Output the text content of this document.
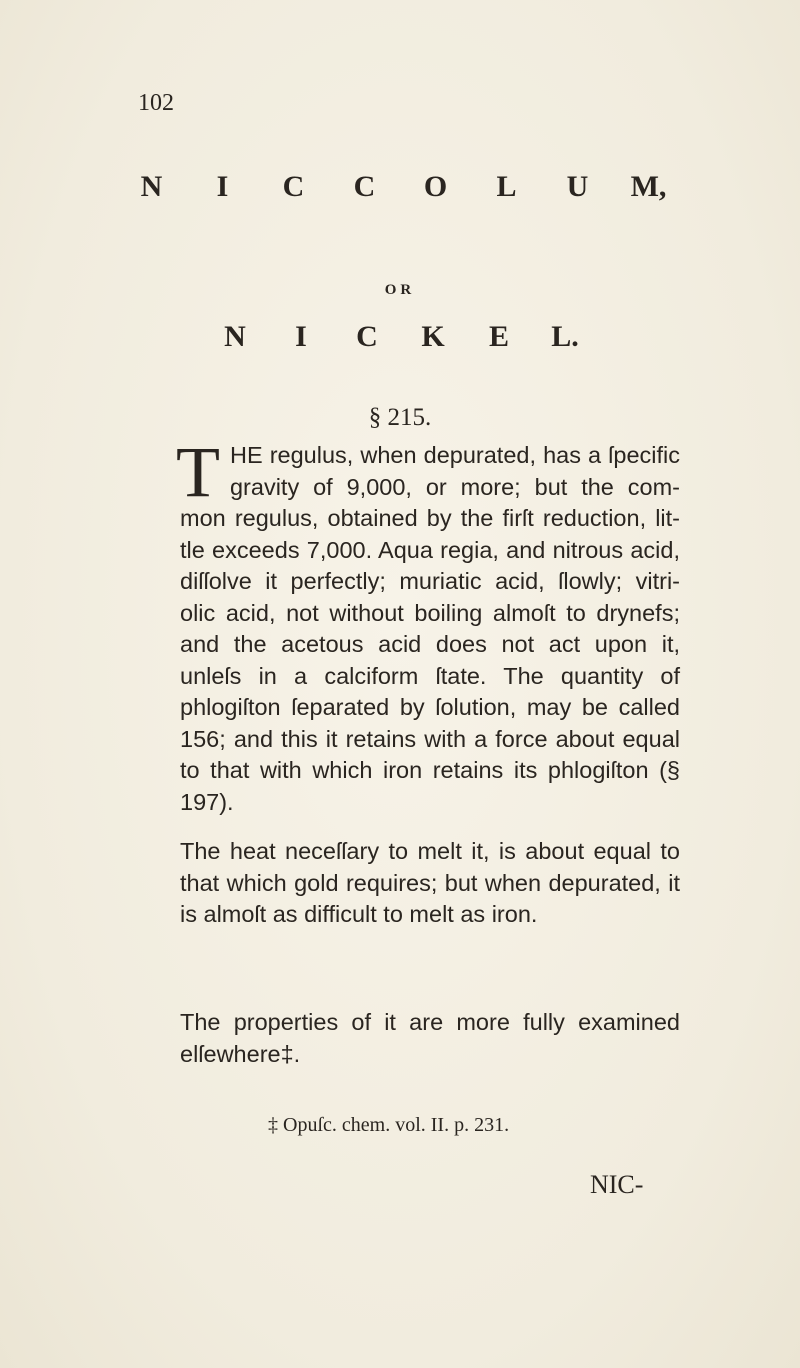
102
N	I	C	C	O	L	U	M,
OR
N	I	C	K	E	L.
§ 215.
T HE regulus, when depurated, has a ſpecific gravity of 9,000, or more; but the com- mon regulus, obtained by the firſt reduction, lit- tle exceeds 7,000. Aqua regia, and nitrous acid, diſſolve it perfectly; muriatic acid, ſlowly; vitri- olic acid, not without boiling almoſt to drynefs; and the acetous acid does not act upon it, unleſs in a calciform ſtate. The quantity of phlogiſton ſeparated by ſolution, may be called 156; and this it retains with a force about equal to that with which iron retains its phlogiſton (§ 197).
The heat neceſſary to melt it, is about equal to that which gold requires; but when depurated, it is almoſt as difficult to melt as iron.
The properties of it are more fully examined elſewhere‡.
‡ Opuſc. chem. vol. II. p. 231.
NIC-
